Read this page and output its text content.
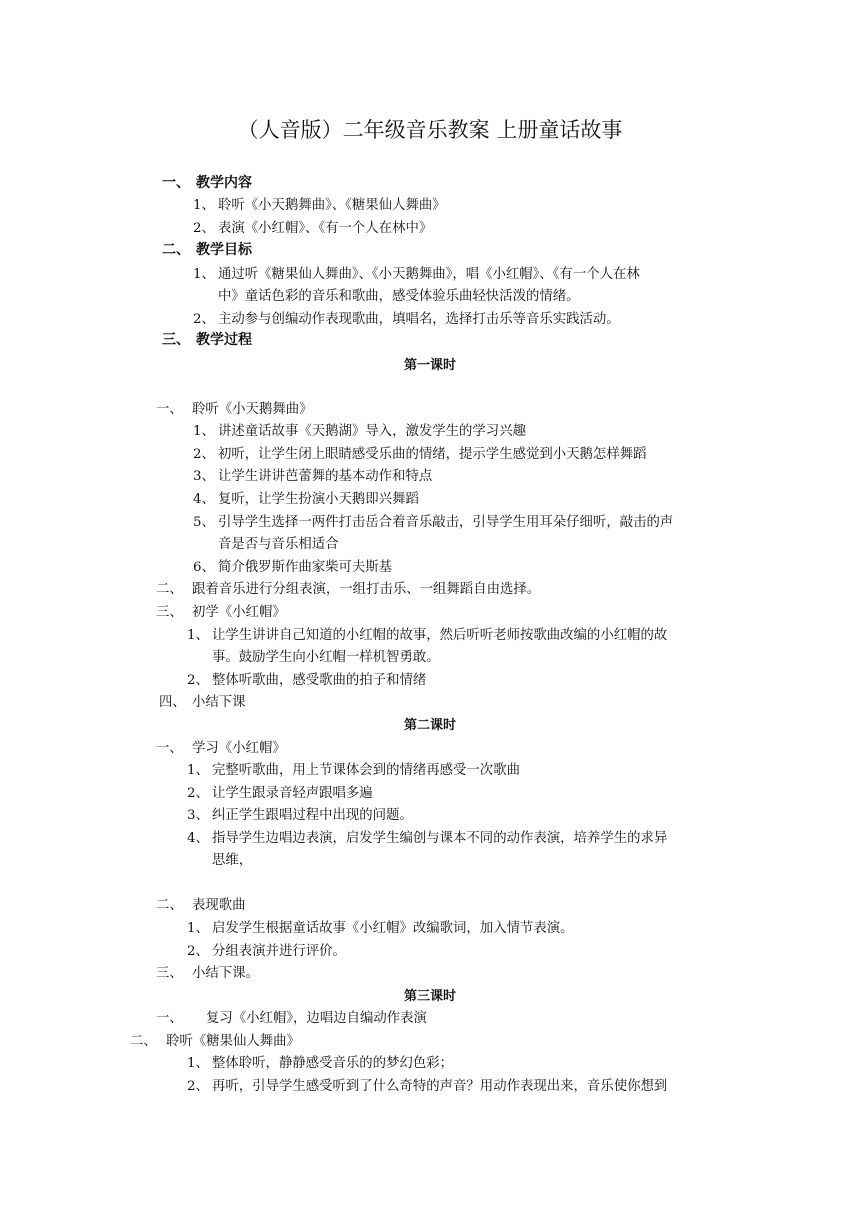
（人音版）二年级音乐教案 上册童话故事
一、 教学内容
1、 聆听《小天鹅舞曲》、《糖果仙人舞曲》
2、 表演《小红帽》、《有一个人在林中》
二、 教学目标
1、 通过听《糖果仙人舞曲》、《小天鹅舞曲》，唱《小红帽》、《有一个人在林
中》童话色彩的音乐和歌曲，感受体验乐曲轻快活泼的情绪。
2、 主动参与创编动作表现歌曲，填唱名，选择打击乐等音乐实践活动。
三、 教学过程
第一课时
一、 聆听《小天鹅舞曲》
1、 讲述童话故事《天鹅湖》导入，激发学生的学习兴趣
2、 初听，让学生闭上眼睛感受乐曲的情绪，提示学生感觉到小天鹅怎样舞蹈
3、 让学生讲讲芭蕾舞的基本动作和特点
4、 复听，让学生扮演小天鹅即兴舞蹈
5、 引导学生选择一两件打击岳合着音乐敲击，引导学生用耳朵仔细听，敲击的声
音是否与音乐相适合
6、 简介俄罗斯作曲家柴可夫斯基
二、 跟着音乐进行分组表演，一组打击乐、一组舞蹈自由选择。
三、 初学《小红帽》
1、 让学生讲讲自己知道的小红帽的故事，然后听听老师按歌曲改编的小红帽的故
事。鼓励学生向小红帽一样机智勇敢。
2、 整体听歌曲，感受歌曲的拍子和情绪
四、 小结下课
第二课时
一、 学习《小红帽》
1、 完整听歌曲，用上节课体会到的情绪再感受一次歌曲
2、 让学生跟录音轻声跟唱多遍
3、 纠正学生跟唱过程中出现的问题。
4、 指导学生边唱边表演，启发学生编创与课本不同的动作表演，培养学生的求异
思维，
二、 表现歌曲
1、 启发学生根据童话故事《小红帽》改编歌词，加入情节表演。
2、 分组表演并进行评价。
三、 小结下课。
第三课时
一、 复习《小红帽》，边唱边自编动作表演
二、 聆听《糖果仙人舞曲》
1、 整体聆听，静静感受音乐的的梦幻色彩；
2、 再听，引导学生感受听到了什么奇特的声音？用动作表现出来，音乐使你想到
